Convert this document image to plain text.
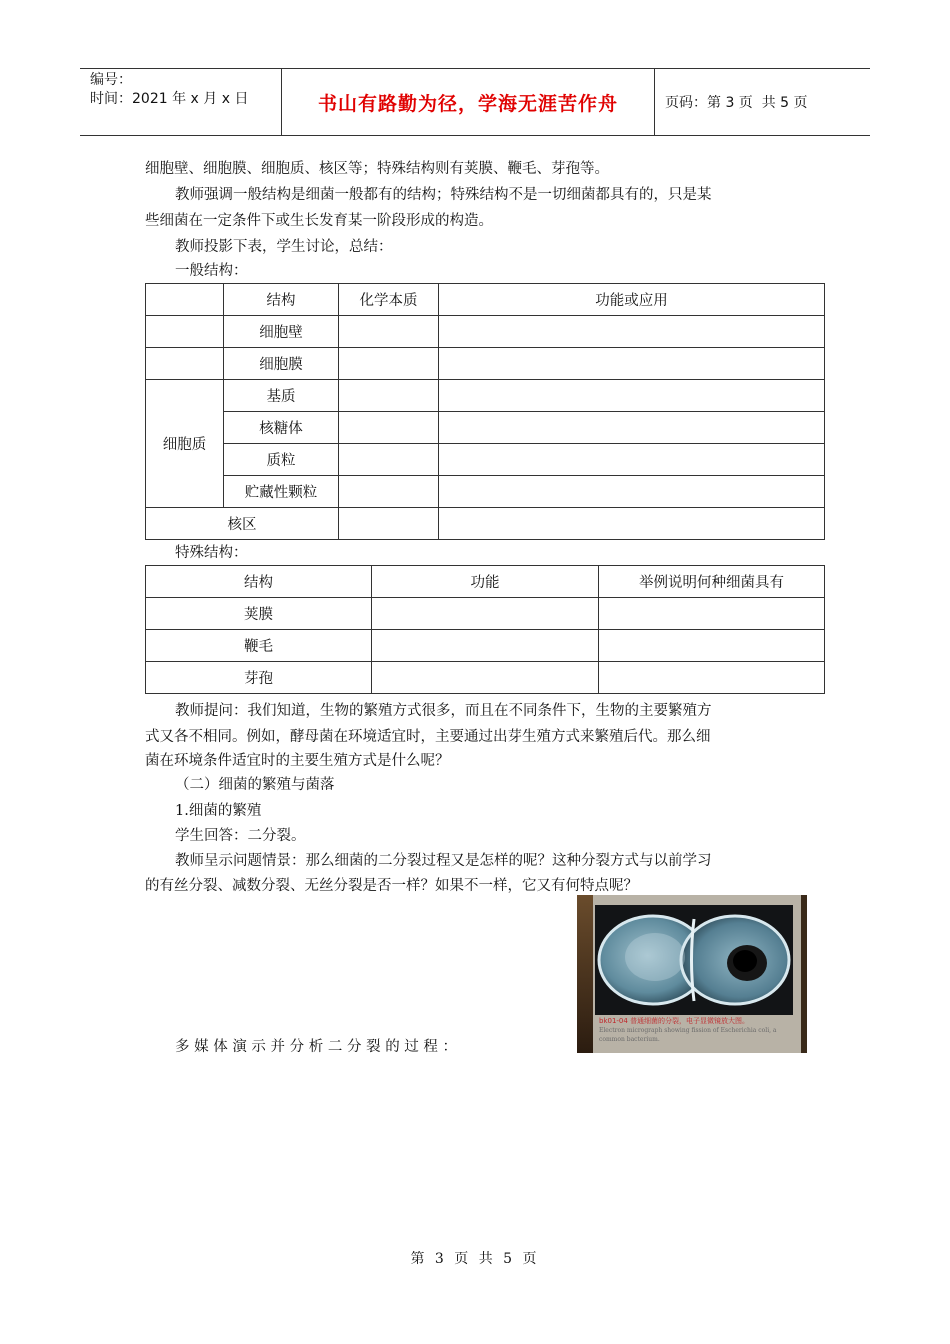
编号：
时间：2021 年 x 月 x 日	书山有路勤为径，学海无涯苦作舟	页码：第 3 页  共 5 页
细胞壁、细胞膜、细胞质、核区等；特殊结构则有荚膜、鞭毛、芽孢等。
教师强调一般结构是细菌一般都有的结构；特殊结构不是一切细菌都具有的，只是某
些细菌在一定条件下或生长发育某一阶段形成的构造。
教师投影下表，学生讨论，总结：
一般结构：
	结构	化学本质	功能或应用
	细胞壁		
	细胞膜		
细胞质	基质		
	核糖体		
	质粒		
	贮藏性颗粒		
核区			
特殊结构：
结构	功能	举例说明何种细菌具有
荚膜		
鞭毛		
芽孢		
教师提问：我们知道，生物的繁殖方式很多，而且在不同条件下，生物的主要繁殖方
式又各不相同。例如，酵母菌在环境适宜时，主要通过出芽生殖方式来繁殖后代。那么细
菌在环境条件适宜时的主要生殖方式是什么呢？
（二）细菌的繁殖与菌落
1.细菌的繁殖
学生回答：二分裂。
教师呈示问题情景：那么细菌的二分裂过程又是怎样的呢？这种分裂方式与以前学习
的有丝分裂、减数分裂、无丝分裂是否一样？如果不一样，它又有何特点呢？
多 媒 体 演 示 并 分 析 二 分 裂 的 过 程 ：
bk01-04 普通细菌的分裂，电子显微镜放大图。
Electron micrograph showing fission of Escherichia coli, a common bacterium.
第 3 页 共 5 页
